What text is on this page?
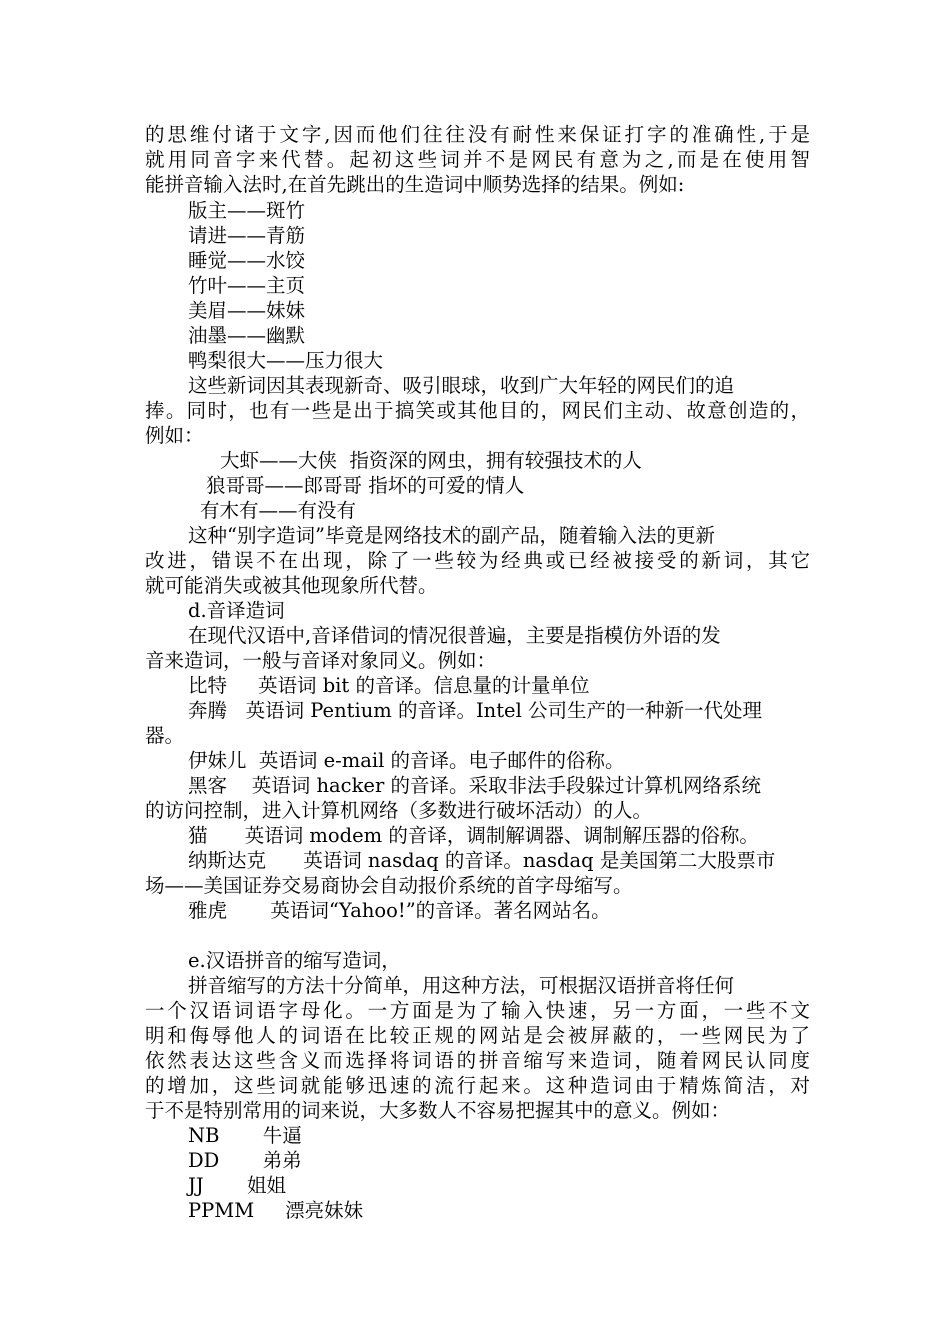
的思维付诸于文字,因而他们往往没有耐性来保证打字的准确性,于是
就用同音字来代替。起初这些词并不是网民有意为之,而是在使用智
能拼音输入法时,在首先跳出的生造词中顺势选择的结果。例如:
版主——斑竹
请进——青筋
睡觉——水饺
竹叶——主页
美眉——妹妹
油墨——幽默
鸭梨很大——压力很大
这些新词因其表现新奇、吸引眼球，收到广大年轻的网民们的追
捧。同时，也有一些是出于搞笑或其他目的，网民们主动、故意创造的，
例如：
大虾——大侠  指资深的网虫，拥有较强技术的人
狼哥哥——郎哥哥 指坏的可爱的情人
有木有——有没有
这种“别字造词”毕竟是网络技术的副产品，随着输入法的更新
改进，错误不在出现，除了一些较为经典或已经被接受的新词，其它
就可能消失或被其他现象所代替。
d.音译造词
在现代汉语中,音译借词的情况很普遍，主要是指模仿外语的发
音来造词，一般与音译对象同义。例如：
比特     英语词 bit 的音译。信息量的计量单位
奔腾   英语词 Pentium 的音译。Intel 公司生产的一种新一代处理
器。
伊妹儿  英语词 e-mail 的音译。电子邮件的俗称。
黑客    英语词 hacker 的音译。采取非法手段躲过计算机网络系统
的访问控制，进入计算机网络（多数进行破坏活动）的人。
猫      英语词 modem 的音译，调制解调器、调制解压器的俗称。
纳斯达克      英语词 nasdaq 的音译。nasdaq 是美国第二大股票市
场——美国证券交易商协会自动报价系统的首字母缩写。
雅虎       英语词“Yahoo!”的音译。著名网站名。
e.汉语拼音的缩写造词，
拼音缩写的方法十分简单，用这种方法，可根据汉语拼音将任何
一个汉语词语字母化。一方面是为了输入快速，另一方面，一些不文
明和侮辱他人的词语在比较正规的网站是会被屏蔽的，一些网民为了
依然表达这些含义而选择将词语的拼音缩写来造词，随着网民认同度
的增加，这些词就能够迅速的流行起来。这种造词由于精炼简洁，对
于不是特别常用的词来说，大多数人不容易把握其中的意义。例如：
NB       牛逼
DD       弟弟
JJ       姐姐
PPMM     漂亮妹妹
